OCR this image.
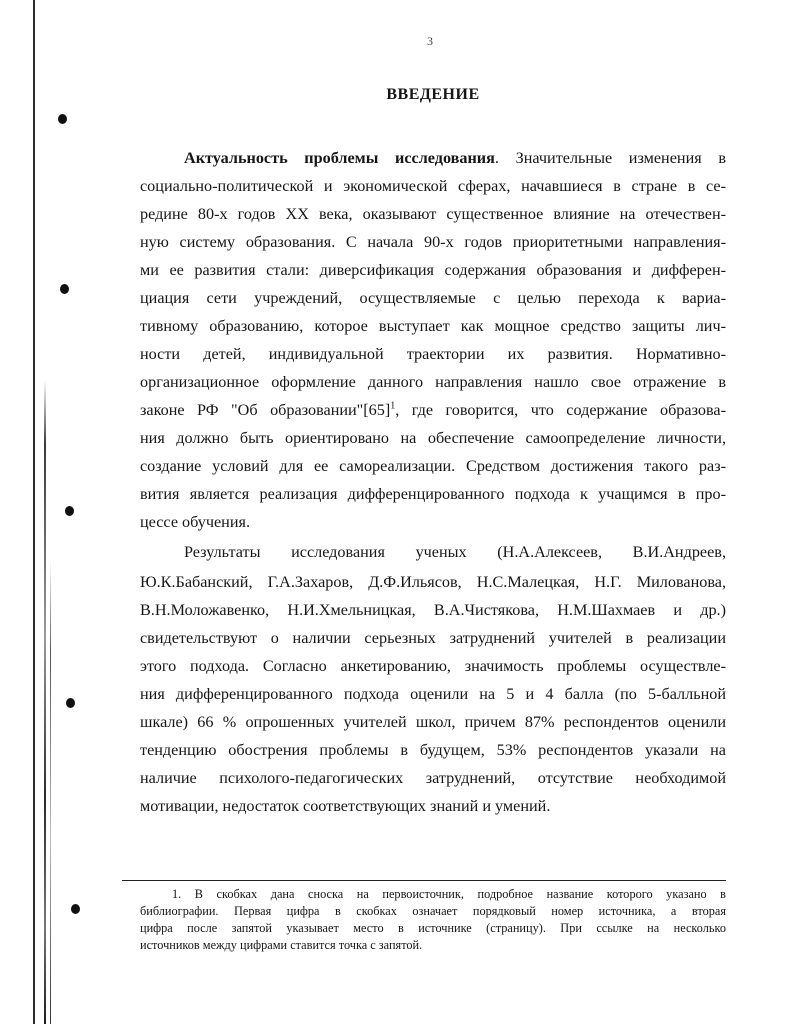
3
ВВЕДЕНИЕ
Актуальность проблемы исследования. Значительные изменения в
социально-политической и экономической сферах, начавшиеся в стране в се-
редине 80-х годов XX века, оказывают существенное влияние на отечествен-
ную систему образования. С начала 90-х годов приоритетными направления-
ми ее развития стали: диверсификация содержания образования и дифферен-
циация сети учреждений, осуществляемые с целью перехода к вариа-
тивному образованию, которое выступает как мощное средство защиты лич-
ности детей, индивидуальной траектории их развития. Нормативно-
организационное оформление данного направления нашло свое отражение в
законе РФ "Об $образовании"[65]^1$, где говорится, что содержание образова-
ния должно быть ориентировано на обеспечение самоопределение личности,
создание условий для ее самореализации. Средством достижения такого раз-
вития является реализация дифференцированного подхода к учащимся в про-
цессе обучения.
Результаты исследования ученых (Н.А.Алексеев, В.И.Андреев,
Ю.К.Бабанский, Г.А.Захаров, Д.Ф.Ильясов, Н.С.Малецкая, Н.Г. Милованова,
В.Н.Моложавенко, Н.И.Хмельницкая, В.А.Чистякова, Н.М.Шахмаев и др.)
свидетельствуют о наличии серьезных затруднений учителей в реализации
этого подхода. Согласно анкетированию, значимость проблемы осуществле-
ния дифференцированного подхода оценили на 5 и 4 балла (по 5-балльной
шкале) 66 % опрошенных учителей школ, причем 87% респондентов оценили
тенденцию обострения проблемы в будущем, 53% респондентов указали на
наличие психолого-педагогических затруднений, отсутствие необходимой
мотивации, недостаток соответствующих знаний и умений.
1. В скобках дана сноска на первоисточник, подробное название которого указано в
библиографии. Первая цифра в скобках означает порядковый номер источника, а вторая
цифра после запятой указывает место в источнике (страницу). При ссылке на несколько
источников между цифрами ставится точка с запятой.
